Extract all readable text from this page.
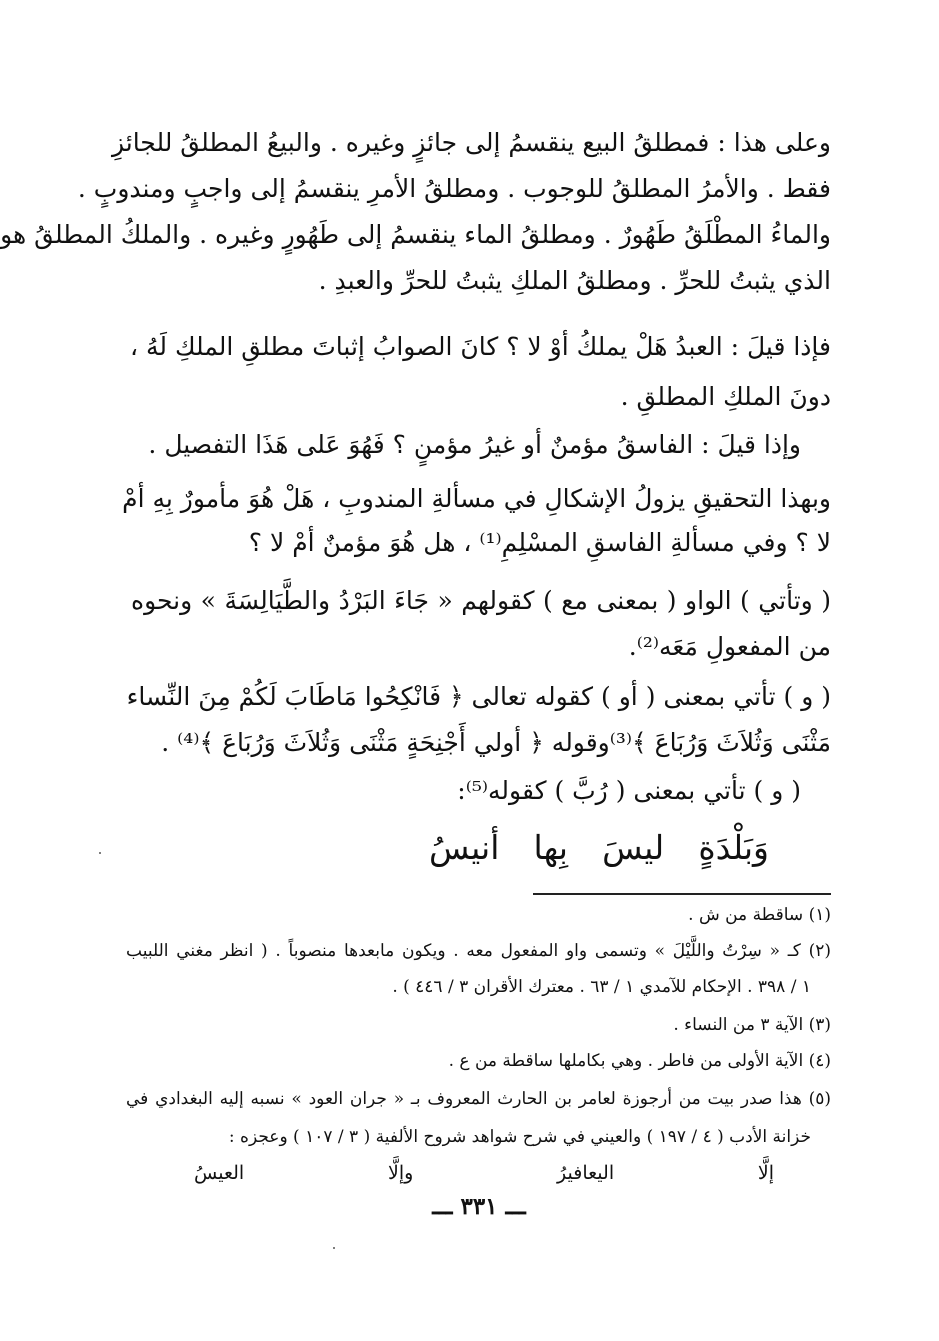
وعلى هذا : فمطلقُ البيع ينقسمُ إلى جائزٍ وغيره . والبيعُ المطلقُ للجائزِ

فقط . والأمرُ المطلقُ للوجوب . ومطلقُ الأمرِ ينقسمُ إلى واجبٍ ومندوبٍ .

والماءُ المطْلَقُ طَهُورٌ . ومطلقُ الماء ينقسمُ إلى طَهُورٍ وغيره . والملكُ المطلقُ هو

الذي يثبتُ للحرِّ . ومطلقُ الملكِ يثبتُ للحرِّ والعبدِ .

فإذا قيلَ : العبدُ هَلْ يملكُ أوْ لا ؟ كانَ الصوابُ إثباتَ مطلقِ الملكِ لَهُ ،

دونَ الملكِ المطلقِ .

وإذا قيلَ : الفاسقُ مؤمنٌ أو غيرُ مؤمنٍ ؟ فَهُوَ عَلى هَذَا التفصيل .

وبهذا التحقيقِ يزولُ الإشكالِ في مسألةِ المندوبِ ، هَلْ هُوَ مأمورٌ بِهِ أمْ

لا ؟ وفي مسألةِ الفاسقِ المسْلِمِ⁽¹⁾ ، هل هُوَ مؤمنٌ أمْ لا ؟

( وتأتي ) الواو ( بمعنى مع ) كقولهم « جَاءَ البَرْدُ والطَّيَالِسَةَ » ونحوه

من المفعولِ مَعَه⁽²⁾.

( و ) تأتي بمعنى ( أو ) كقوله تعالى ﴿ فَانْكِحُوا مَاطَابَ لَكُمْ مِنَ النِّساء

مَثْنَى وَثُلاَثَ وَرُبَاعَ ﴾⁽³⁾وقوله ﴿ أولي أَجْنِحَةٍ مَثْنَى وَثُلاَثَ وَرُبَاعَ ﴾⁽⁴⁾ .

( و ) تأتي بمعنى ( رُبَّ ) كقوله⁽⁵⁾:

وَبَلْدَةٍ
ليسَ
بِها
أنيسُ

(١) ساقطة من ش .

(٢) كـ « سِرْتُ واللَّيْلَ » وتسمى واو المفعول معه . ويكون مابعدها منصوباً . ( انظر مغني اللبيب

١ / ٣٩٨ . الإحكام للآمدي ١ / ٦٣ . معترك الأقران ٣ / ٤٤٦ ) .

(٣) الآية ٣ من النساء .

(٤) الآية الأولى من فاطر . وهي بكاملها ساقطة من ع .

(٥) هذا صدر بيت من أرجوزة لعامر بن الحارث المعروف بـ « جران العود » نسبه إليه البغدادي في

خزانة الأدب ( ٤ / ١٩٧ ) والعيني في شرح شواهد شروح الألفية ( ٣ / ١٠٧ ) وعجزه :

إلَّا
اليعافيرُ
وإلَّا
العيسُ
ـــ ٣٣١ ـــ
